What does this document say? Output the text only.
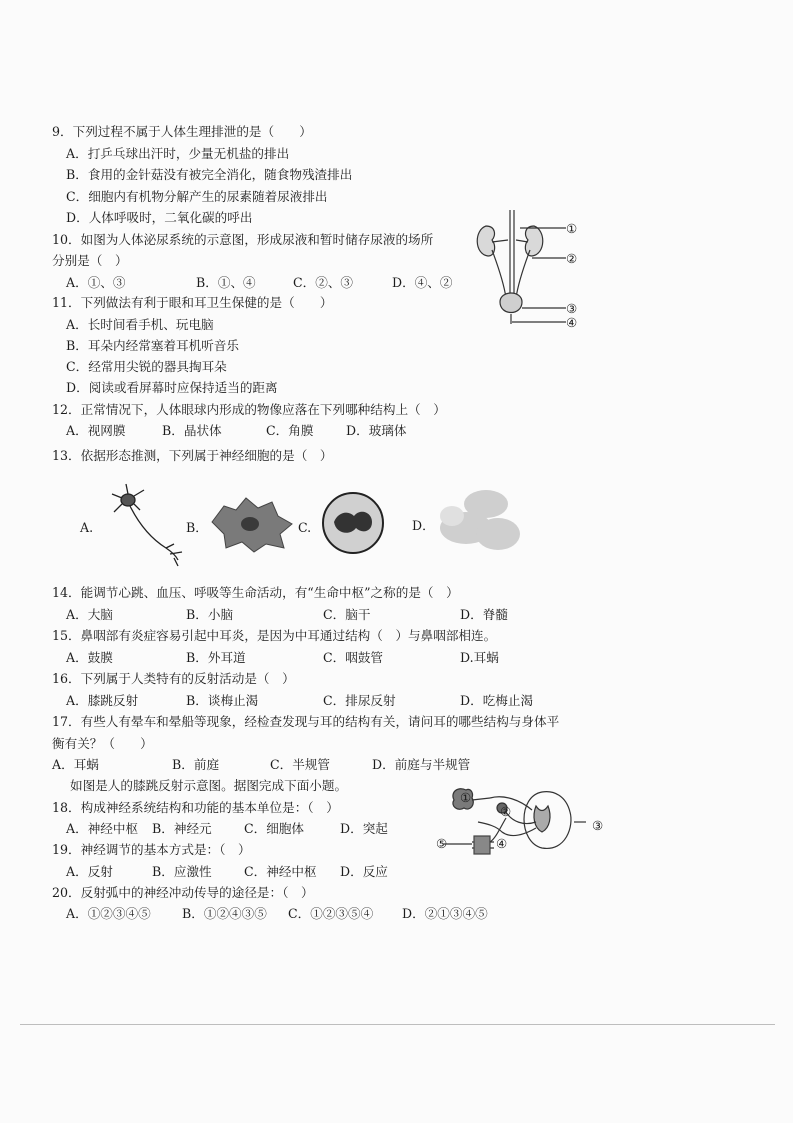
9．下列过程不属于人体生理排泄的是（　　）
A．打乒乓球出汗时，少量无机盐的排出
B．食用的金针菇没有被完全消化，随食物残渣排出
C．细胞内有机物分解产生的尿素随着尿液排出
D．人体呼吸时，二氧化碳的呼出
10．如图为人体泌尿系统的示意图，形成尿液和暂时储存尿液的场所
分别是（　）
A．①、③	B．①、④	C．②、③	D．④、②
①
②
③
④
11．下列做法有利于眼和耳卫生保健的是（　　）
A．长时间看手机、玩电脑
B．耳朵内经常塞着耳机听音乐
C．经常用尖锐的器具掏耳朵
D．阅读或看屏幕时应保持适当的距离
12．正常情况下，人体眼球内形成的物像应落在下列哪种结构上（　）
A．视网膜	B．晶状体	C．角膜	D．玻璃体
13．依据形态推测，下列属于神经细胞的是（　）
A.	B．	C.	D．
14．能调节心跳、血压、呼吸等生命活动，有“生命中枢”之称的是（　）
A．大脑	B．小脑	C．脑干	D．脊髓
15．鼻咽部有炎症容易引起中耳炎，是因为中耳通过结构（　）与鼻咽部相连。
A．鼓膜	B．外耳道	C．咽鼓管	D.耳蜗
16．下列属于人类特有的反射活动是（　）
A．膝跳反射	B．谈梅止渴	C．排尿反射	D．吃梅止渴
17．有些人有晕车和晕船等现象，经检查发现与耳的结构有关，请问耳的哪些结构与身体平
衡有关？（　　）
A．耳蜗	B．前庭	C．半规管	D．前庭与半规管
如图是人的膝跳反射示意图。据图完成下面小题。
18．构成神经系统结构和功能的基本单位是：（　）
A．神经中枢 B．神经元	C．细胞体	D．突起
19．神经调节的基本方式是：（　）
A．反射	B．应激性	C．神经中枢 D．反应
20．反射弧中的神经冲动传导的途径是：（　）
A．①②③④⑤ B．①②④③⑤ C．①②③⑤④ D．②①③④⑤
①
②
③
④
⑤
